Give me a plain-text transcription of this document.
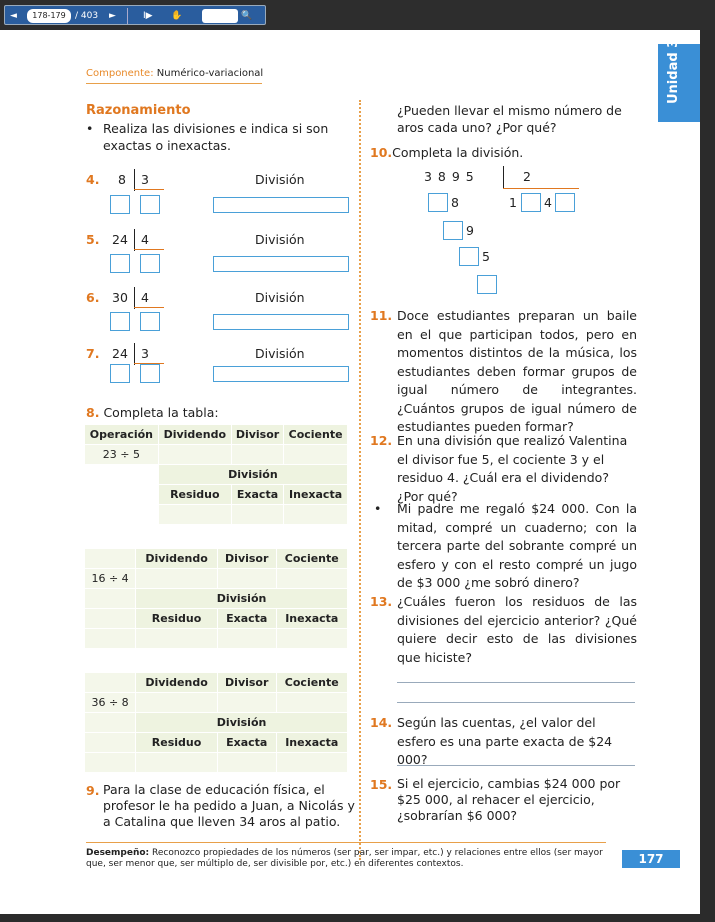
◄	178-179	/ 403 ►	I▶ ✋	🔍
Unidad 3
Componente: Numérico-variacional
Razonamiento
• Realiza las divisiones e indica si son exactas o inexactas.
4. 8 3	División
5. 24 4	División
6. 30 4	División
7. 24 3	División
8. Completa la tabla:
Operación	Dividendo	Divisor	Cociente
23 ÷ 5			
	División		
	Residuo	Exacta	Inexacta

	Dividendo	Divisor	Cociente
16 ÷ 4			
	División		
	Residuo	Exacta	Inexacta

	Dividendo	Divisor	Cociente
36 ÷ 8			
	División		
	Residuo	Exacta	Inexacta

9. Para la clase de educación física, el profesor le ha pedido a Juan, a Nicolás y a Catalina que lleven 34 aros al patio.
¿Pueden llevar el mismo número de aros cada uno? ¿Por qué?
10.Completa la división.
3 8 9 5	2
8	1 4
9
5
11. Doce estudiantes preparan un baile en el que participan todos, pero en momentos distintos de la música, los estudiantes deben formar grupos de igual número de integrantes. ¿Cuántos grupos de igual número de estudiantes pueden formar?
12. En una división que realizó Valentina el divisor fue 5, el cociente 3 y el residuo 4. ¿Cuál era el dividendo? ¿Por qué?
• Mi padre me regaló $24 000. Con la mitad, compré un cuaderno; con la tercera parte del sobrante compré un esfero y con el resto compré un jugo de $3 000 ¿me sobró dinero?
13. ¿Cuáles fueron los residuos de las divisiones del ejercicio anterior? ¿Qué quiere decir esto de las divisiones que hiciste?
14. Según las cuentas, ¿el valor del esfero es una parte exacta de $24 000?
15. Si el ejercicio, cambias $24 000 por $25 000, al rehacer el ejercicio, ¿sobrarían $6 000?
Desempeño: Reconozco propiedades de los números (ser par, ser impar, etc.) y relaciones entre ellos (ser mayor que, ser menor que, ser múltiplo de, ser divisible por, etc.) en diferentes contextos.	177
